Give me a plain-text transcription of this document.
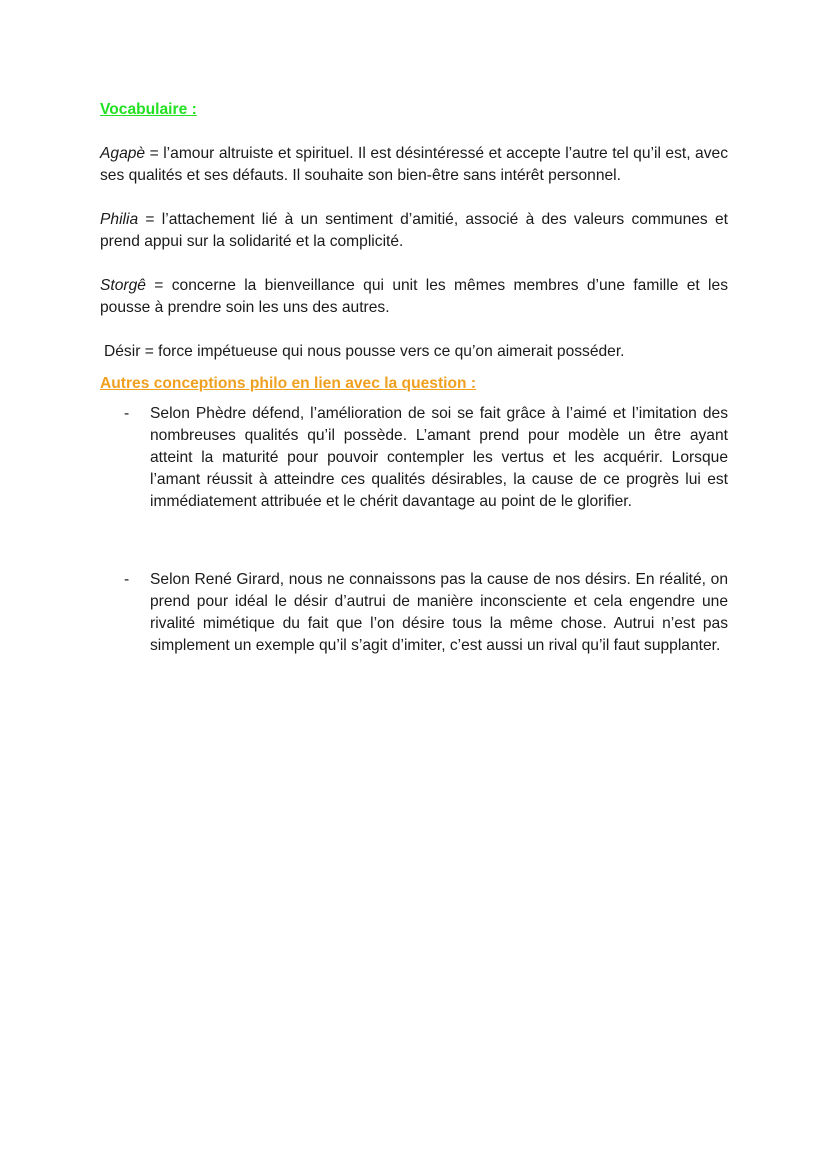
Vocabulaire :

Agapè = l’amour altruiste et spirituel. Il est désintéressé et accepte l’autre tel qu’il est, avec ses qualités et ses défauts. Il souhaite son bien-être sans intérêt personnel.

Philia = l’attachement lié à un sentiment d’amitié, associé à des valeurs communes et prend appui sur la solidarité et la complicité.

Storgê = concerne la bienveillance qui unit les mêmes membres d’une famille et les pousse à prendre soin les uns des autres.

Désir = force impétueuse qui nous pousse vers ce qu’on aimerait posséder.

Autres conceptions philo en lien avec la question :

- Selon Phèdre défend, l’amélioration de soi se fait grâce à l’aimé et l’imitation des nombreuses qualités qu’il possède. L’amant prend pour modèle un être ayant atteint la maturité pour pouvoir contempler les vertus et les acquérir. Lorsque l’amant réussit à atteindre ces qualités désirables, la cause de ce progrès lui est immédiatement attribuée et le chérit davantage au point de le glorifier.
- Selon René Girard, nous ne connaissons pas la cause de nos désirs. En réalité, on prend pour idéal le désir d’autrui de manière inconsciente et cela engendre une rivalité mimétique du fait que l’on désire tous la même chose. Autrui n’est pas simplement un exemple qu’il s’agit d’imiter, c’est aussi un rival qu’il faut supplanter.
